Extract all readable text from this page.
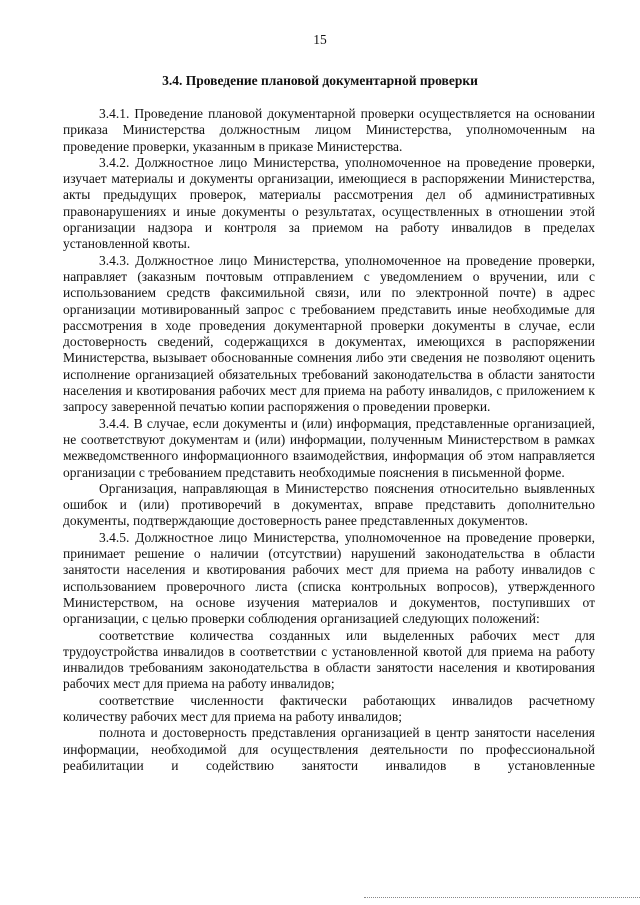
15
3.4. Проведение плановой документарной проверки

3.4.1. Проведение плановой документарной проверки осуществляется на основании приказа Министерства должностным лицом Министерства, уполномоченным на проведение проверки, указанным в приказе Министерства.

3.4.2. Должностное лицо Министерства, уполномоченное на проведение проверки, изучает материалы и документы организации, имеющиеся в распоряжении Министерства, акты предыдущих проверок, материалы рассмотрения дел об административных правонарушениях и иные документы о результатах, осуществленных в отношении этой организации надзора и контроля за приемом на работу инвалидов в пределах установленной квоты.

3.4.3. Должностное лицо Министерства, уполномоченное на проведение проверки, направляет (заказным почтовым отправлением с уведомлением о вручении, или с использованием средств факсимильной связи, или по электронной почте) в адрес организации мотивированный запрос с требованием представить иные необходимые для рассмотрения в ходе проведения документарной проверки документы в случае, если достоверность сведений, содержащихся в документах, имеющихся в распоряжении Министерства, вызывает обоснованные сомнения либо эти сведения не позволяют оценить исполнение организацией обязательных требований законодательства в области занятости населения и квотирования рабочих мест для приема на работу инвалидов, с приложением к запросу заверенной печатью копии распоряжения о проведении проверки.

3.4.4. В случае, если документы и (или) информация, представленные организацией, не соответствуют документам и (или) информации, полученным Министерством в рамках межведомственного информационного взаимодействия, информация об этом направляется организации с требованием представить необходимые пояснения в письменной форме.

Организация, направляющая в Министерство пояснения относительно выявленных ошибок и (или) противоречий в документах, вправе представить дополнительно документы, подтверждающие достоверность ранее представленных документов.

3.4.5. Должностное лицо Министерства, уполномоченное на проведение проверки, принимает решение о наличии (отсутствии) нарушений законодательства в области занятости населения и квотирования рабочих мест для приема на работу инвалидов с использованием проверочного листа (списка контрольных вопросов), утвержденного Министерством, на основе изучения материалов и документов, поступивших от организации, с целью проверки соблюдения организацией следующих положений:

соответствие количества созданных или выделенных рабочих мест для трудоустройства инвалидов в соответствии с установленной квотой для приема на работу инвалидов требованиям законодательства в области занятости населения и квотирования рабочих мест для приема на работу инвалидов;

соответствие численности фактически работающих инвалидов расчетному количеству рабочих мест для приема на работу инвалидов;

полнота и достоверность представления организацией в центр занятости населения информации, необходимой для осуществления деятельности по профессиональной реабилитации и содействию занятости инвалидов в установленные
